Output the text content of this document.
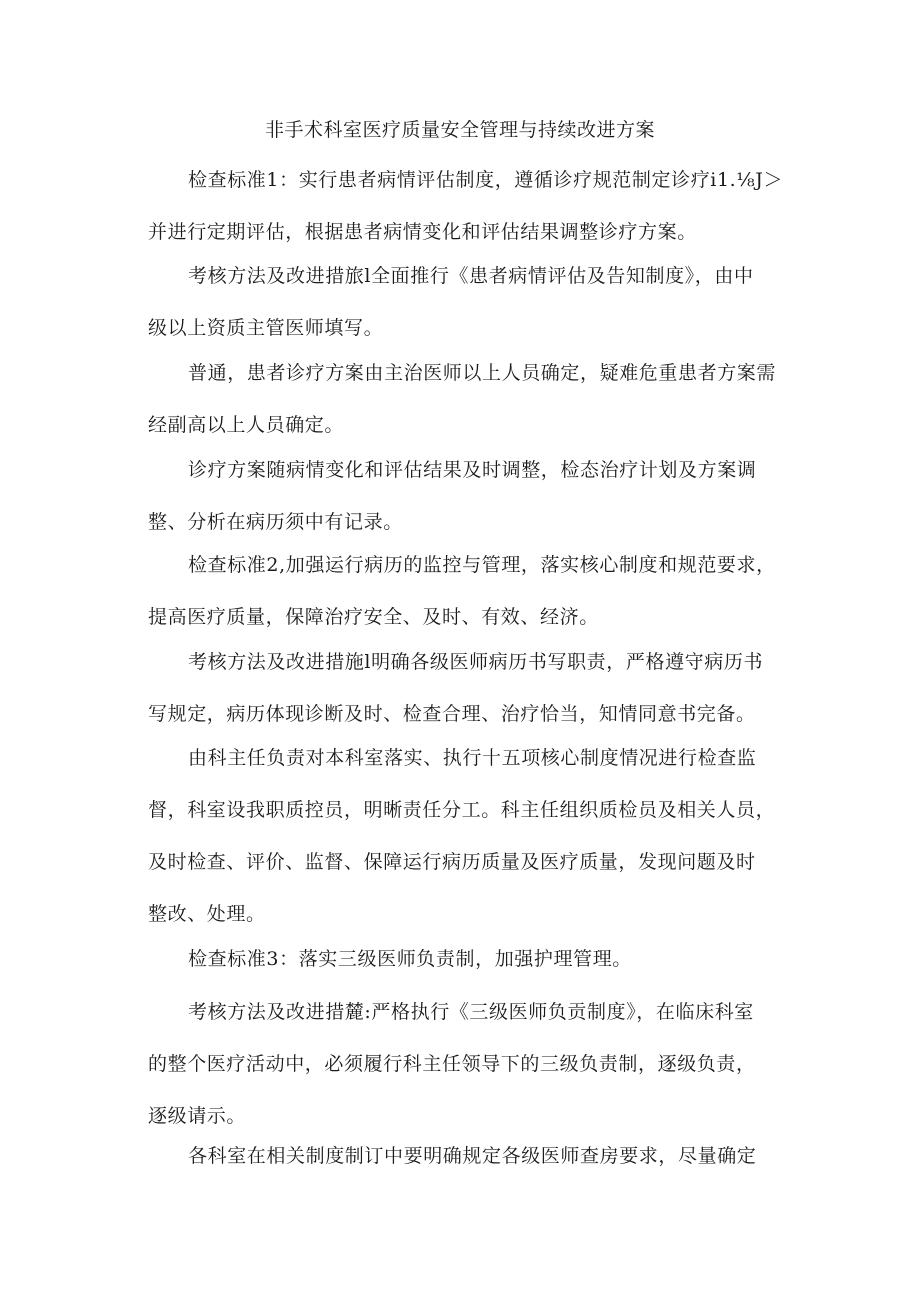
非手术科室医疗质量安全管理与持续改进方案
检查标准1：实行患者病情评估制度，遵循诊疗规范制定诊疗i1.⅛J＞
并进行定期评估，根据患者病情变化和评估结果调整诊疗方案。
考核方法及改进措旅l全面推行《患者病情评估及告知制度》，由中
级以上资质主管医师填写。
普通，患者诊疗方案由主治医师以上人员确定，疑难危重患者方案需
经副高以上人员确定。
诊疗方案随病情变化和评估结果及时调整，检态治疗计划及方案调
整、分析在病历须中有记录。
检查标准2,加强运行病历的监控与管理，落实核心制度和规范要求，
提高医疗质量，保障治疗安全、及时、有效、经济。
考核方法及改进措施l明确各级医师病历书写职责，严格遵守病历书
写规定，病历体现诊断及时、检查合理、治疗恰当，知情同意书完备。
由科主任负责对本科室落实、执行十五项核心制度情况进行检查监
督，科室设我职质控员，明晰责任分工。科主任组织质检员及相关人员，
及时检查、评价、监督、保障运行病历质量及医疗质量，发现问题及时
整改、处理。
检查标准3：落实三级医师负责制，加强护理管理。
考核方法及改进措麓:严格执行《三级医师负贡制度》，在临床科室
的整个医疗活动中，必须履行科主任领导下的三级负责制，逐级负责，
逐级请示。
各科室在相关制度制订中要明确规定各级医师查房要求，尽量确定
